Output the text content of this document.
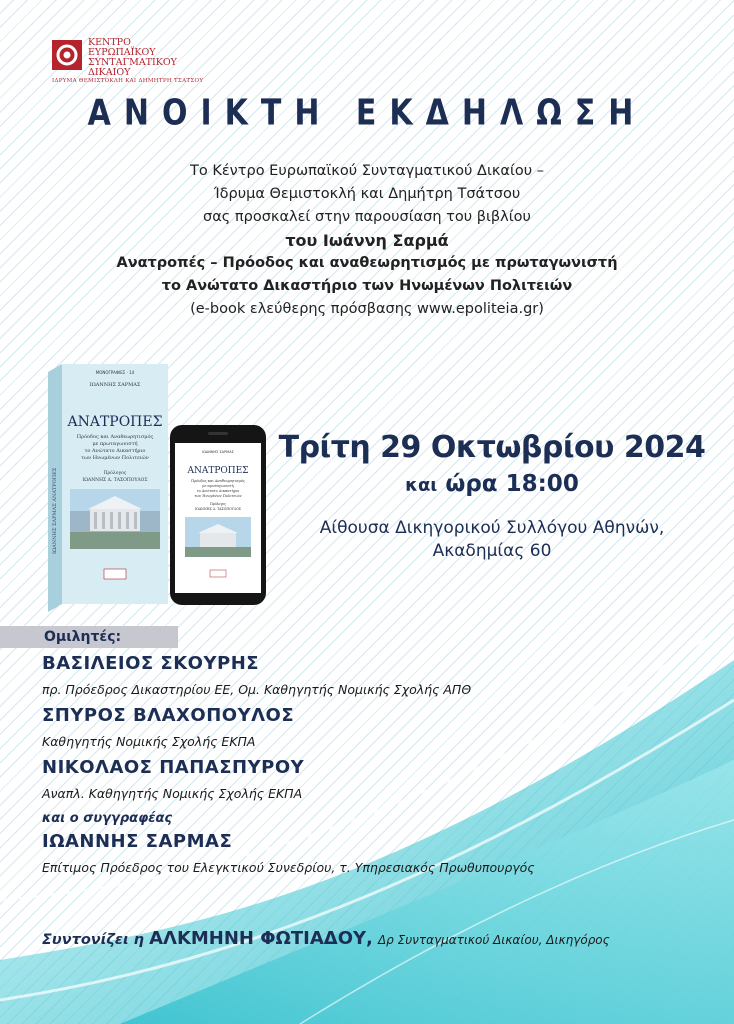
ΚΕΝΤΡΟ
ΕΥΡΩΠΑΪΚΟΥ
ΣΥΝΤΑΓΜΑΤΙΚΟΥ
ΔΙΚΑΙΟΥ
ΙΔΡΥΜΑ ΘΕΜΙΣΤΟΚΛΗ ΚΑΙ ΔΗΜΗΤΡΗ ΤΣΑΤΣΟΥ
ΑΝΟΙΚΤΗ ΕΚΔΗΛΩΣΗ
Το Κέντρο Ευρωπαϊκού Συνταγματικού Δικαίου –
Ίδρυμα Θεμιστοκλή και Δημήτρη Τσάτσου
σας προσκαλεί στην παρουσίαση του βιβλίου
του Ιωάννη Σαρμά
Ανατροπές – Πρόοδος και αναθεωρητισμός με πρωταγωνιστή
το Ανώτατο Δικαστήριο των Ηνωμένων Πολιτειών
(e-book ελεύθερης πρόσβασης www.epoliteia.gr)
ΙΩΑΝΝΗΣ ΣΑΡΜΑΣ ΑΝΑΤΡΟΠΕΣ
ΜΟΝΟΓΡΑΦΙΕΣ · 14
ΙΩΑΝΝΗΣ ΣΑΡΜΑΣ
ΑΝΑΤΡΟΠΕΣ
Πρόοδος και Αναθεωρητισμός
με πρωταγωνιστή
το Ανώτατο Δικαστήριο
των Ηνωμένων Πολιτειών
Πρόλογος
ΙΩΑΝΝΗΣ Δ. ΤΑΣΟΠΟΥΛΟΣ
ΙΩΑΝΝΗΣ ΣΑΡΜΑΣ
ΑΝΑΤΡΟΠΕΣ
Πρόοδος και Αναθεωρητισμός
με πρωταγωνιστή
το Ανώτατο Δικαστήριο
των Ηνωμένων Πολιτειών
Πρόλογος
ΙΩΑΝΝΗΣ Δ. ΤΑΣΟΠΟΥΛΟΣ
Τρίτη 29 Οκτωβρίου 2024
και ώρα 18:00
Αίθουσα Δικηγορικού Συλλόγου Αθηνών,
Ακαδημίας 60
Ομιλητές:
ΒΑΣΙΛΕΙΟΣ ΣΚΟΥΡΗΣ
πρ. Πρόεδρος Δικαστηρίου ΕΕ, Ομ. Καθηγητής Νομικής Σχολής ΑΠΘ
ΣΠΥΡΟΣ ΒΛΑΧΟΠΟΥΛΟΣ
Καθηγητής Νομικής Σχολής ΕΚΠΑ
ΝΙΚΟΛΑΟΣ ΠΑΠΑΣΠΥΡΟΥ
Αναπλ. Καθηγητής Νομικής Σχολής ΕΚΠΑ
και ο συγγραφέας
ΙΩΑΝΝΗΣ ΣΑΡΜΑΣ
Επίτιμος Πρόεδρος του Ελεγκτικού Συνεδρίου, τ. Υπηρεσιακός Πρωθυπουργός
Συντονίζει η ΑΛΚΜΗΝΗ ΦΩΤΙΑΔΟΥ, Δρ Συνταγματικού Δικαίου, Δικηγόρος
